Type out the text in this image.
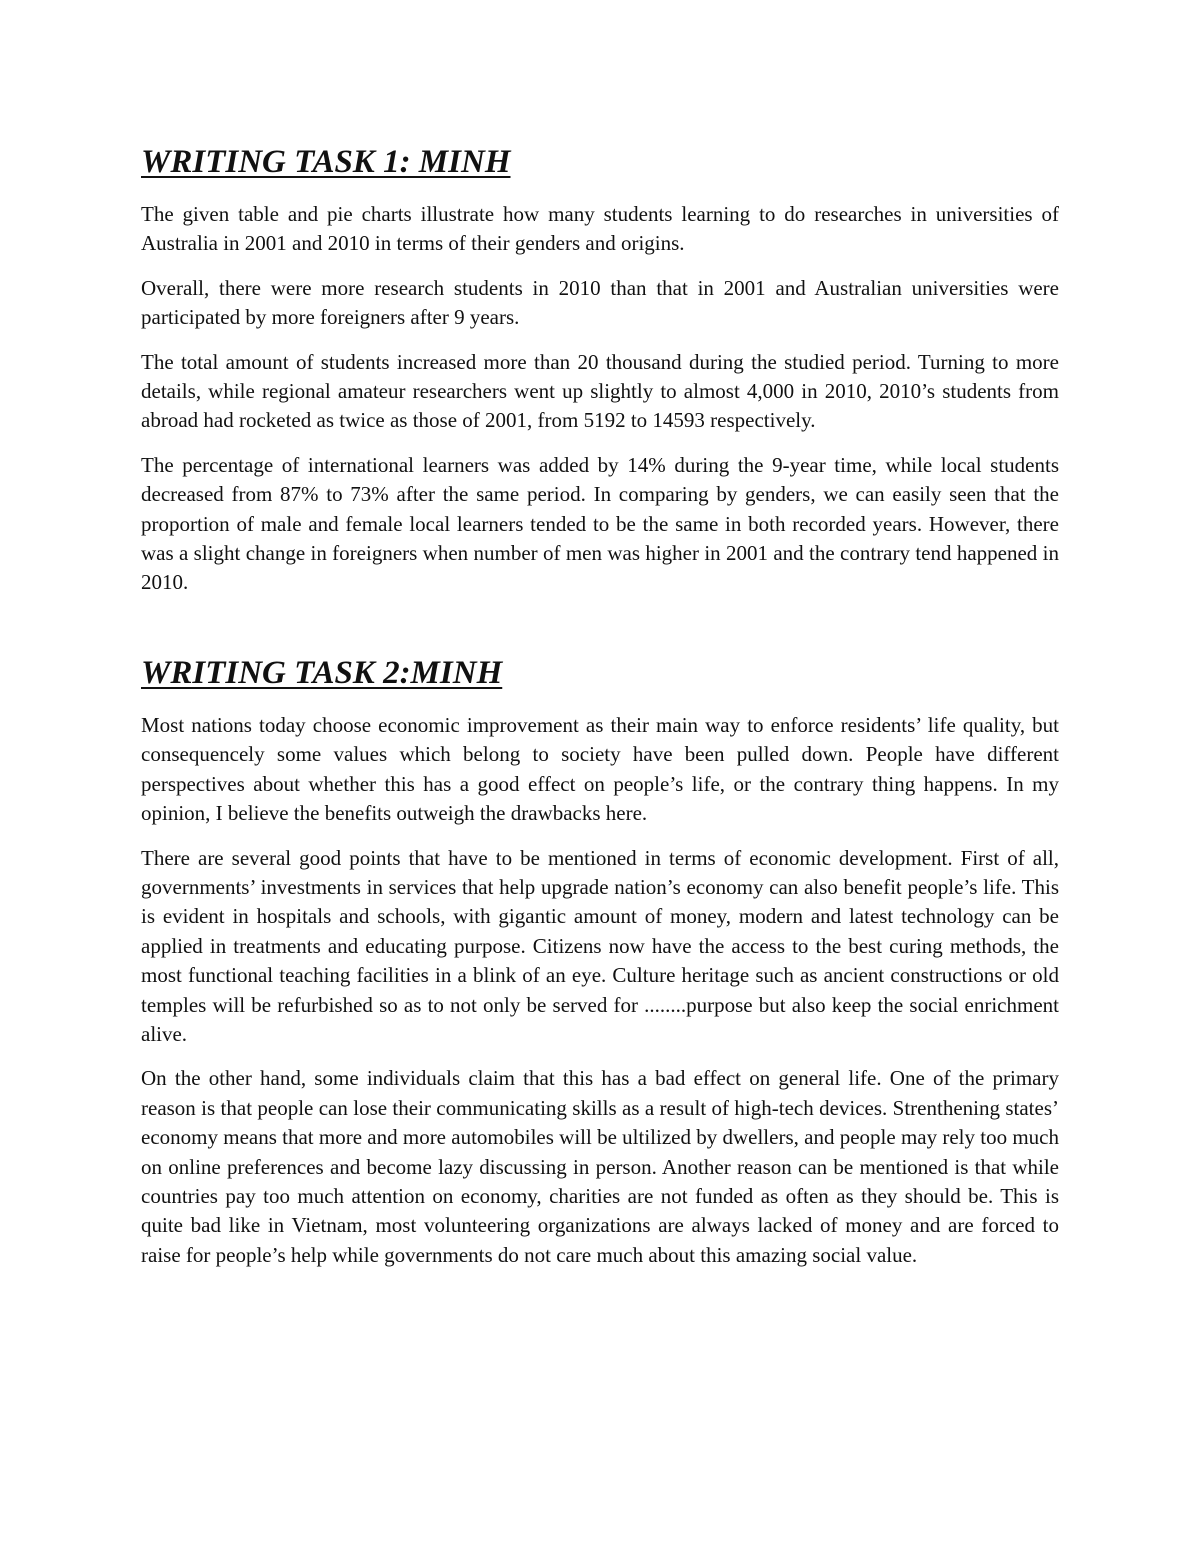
WRITING TASK 1: MINH

The given table and pie charts illustrate how many students learning to do researches in universities of Australia in 2001 and 2010 in terms of their genders and origins.

Overall, there were more research students in 2010 than that in 2001 and Australian universities were participated by more foreigners after 9 years.

The total amount of students increased more than 20 thousand during the studied period. Turning to more details, while regional amateur researchers went up slightly to almost 4,000 in 2010, 2010’s students from abroad had rocketed as twice as those of 2001, from 5192 to 14593 respectively.

The percentage of international learners was added by 14% during the 9-year time, while local students decreased from 87% to 73% after the same period. In comparing by genders, we can easily seen that the proportion of male and female local learners tended to be the same in both recorded years. However, there was a slight change in foreigners when number of men was higher in 2001 and the contrary tend happened in 2010.

WRITING TASK 2:MINH

Most nations today choose economic improvement as their main way to enforce residents’ life quality, but consequencely some values which belong to society have been pulled down. People have different perspectives about whether this has a good effect on people’s life, or the contrary thing happens. In my opinion, I believe the benefits outweigh the drawbacks here.

There are several good points that have to be mentioned in terms of economic development. First of all, governments’ investments in services that help upgrade nation’s economy can also benefit people’s life. This is evident in hospitals and schools, with gigantic amount of money, modern and latest technology can be applied in treatments and educating purpose. Citizens now have the access to the best curing methods, the most functional teaching facilities in a blink of an eye. Culture heritage such as ancient constructions or old temples will be refurbished so as to not only be served for ........purpose but also keep the social enrichment alive.

On the other hand, some individuals claim that this has a bad effect on general life. One of the primary reason is that people can lose their communicating skills as a result of high-tech devices. Strenthening states’ economy means that more and more automobiles will be ultilized by dwellers, and people may rely too much on online preferences and become lazy discussing in person. Another reason can be mentioned is that while countries pay too much attention on economy, charities are not funded as often as they should be. This is quite bad like in Vietnam, most volunteering organizations are always lacked of money and are forced to raise for people’s help while governments do not care much about this amazing social value.
